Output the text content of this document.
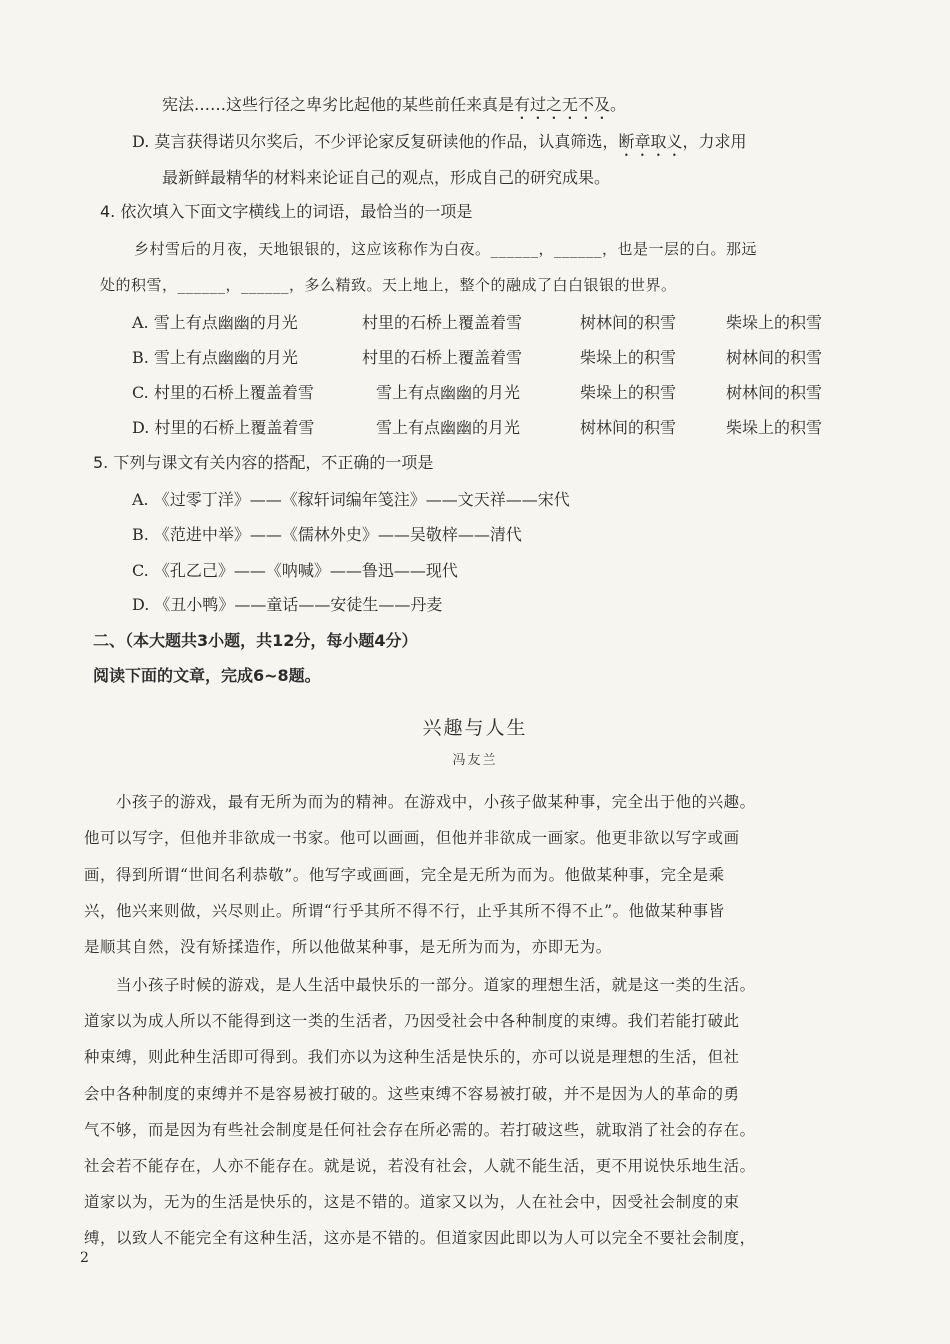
宪法……这些行径之卑劣比起他的某些前任来真是有过之无不及。
D. 莫言获得诺贝尔奖后，不少评论家反复研读他的作品，认真筛选，断章取义，力求用
最新鲜最精华的材料来论证自己的观点，形成自己的研究成果。
4. 依次填入下面文字横线上的词语，最恰当的一项是
乡村雪后的月夜，天地银银的，这应该称作为白夜。______，______，也是一层的白。那远
处的积雪，______，______，多么精致。天上地上，整个的融成了白白银银的世界。
A. 雪上有点幽幽的月光	村里的石桥上覆盖着雪	树林间的积雪	柴垛上的积雪
B. 雪上有点幽幽的月光	村里的石桥上覆盖着雪	柴垛上的积雪	树林间的积雪
C. 村里的石桥上覆盖着雪	雪上有点幽幽的月光	柴垛上的积雪	树林间的积雪
D. 村里的石桥上覆盖着雪	雪上有点幽幽的月光	树林间的积雪	柴垛上的积雪
5. 下列与课文有关内容的搭配，不正确的一项是
A. 《过零丁洋》——《稼轩词编年笺注》——文天祥——宋代
B. 《范进中举》——《儒林外史》——吴敬梓——清代
C. 《孔乙己》——《呐喊》——鲁迅——现代
D. 《丑小鸭》——童话——安徒生——丹麦
二、（本大题共3小题，共12分，每小题4分）
阅读下面的文章，完成6~8题。
兴趣与人生
冯友兰
　　小孩子的游戏，最有无所为而为的精神。在游戏中，小孩子做某种事，完全出于他的兴趣。
他可以写字，但他并非欲成一书家。他可以画画，但他并非欲成一画家。他更非欲以写字或画
画，得到所谓“世间名利恭敬”。他写字或画画，完全是无所为而为。他做某种事，完全是乘
兴，他兴来则做，兴尽则止。所谓“行乎其所不得不行，止乎其所不得不止”。他做某种事皆
是顺其自然，没有矫揉造作，所以他做某种事，是无所为而为，亦即无为。
　　当小孩子时候的游戏，是人生活中最快乐的一部分。道家的理想生活，就是这一类的生活。
道家以为成人所以不能得到这一类的生活者，乃因受社会中各种制度的束缚。我们若能打破此
种束缚，则此种生活即可得到。我们亦以为这种生活是快乐的，亦可以说是理想的生活，但社
会中各种制度的束缚并不是容易被打破的。这些束缚不容易被打破，并不是因为人的革命的勇
气不够，而是因为有些社会制度是任何社会存在所必需的。若打破这些，就取消了社会的存在。
社会若不能存在，人亦不能存在。就是说，若没有社会，人就不能生活，更不用说快乐地生活。
道家以为，无为的生活是快乐的，这是不错的。道家又以为，人在社会中，因受社会制度的束
缚，以致人不能完全有这种生活，这亦是不错的。但道家因此即以为人可以完全不要社会制度，
2
